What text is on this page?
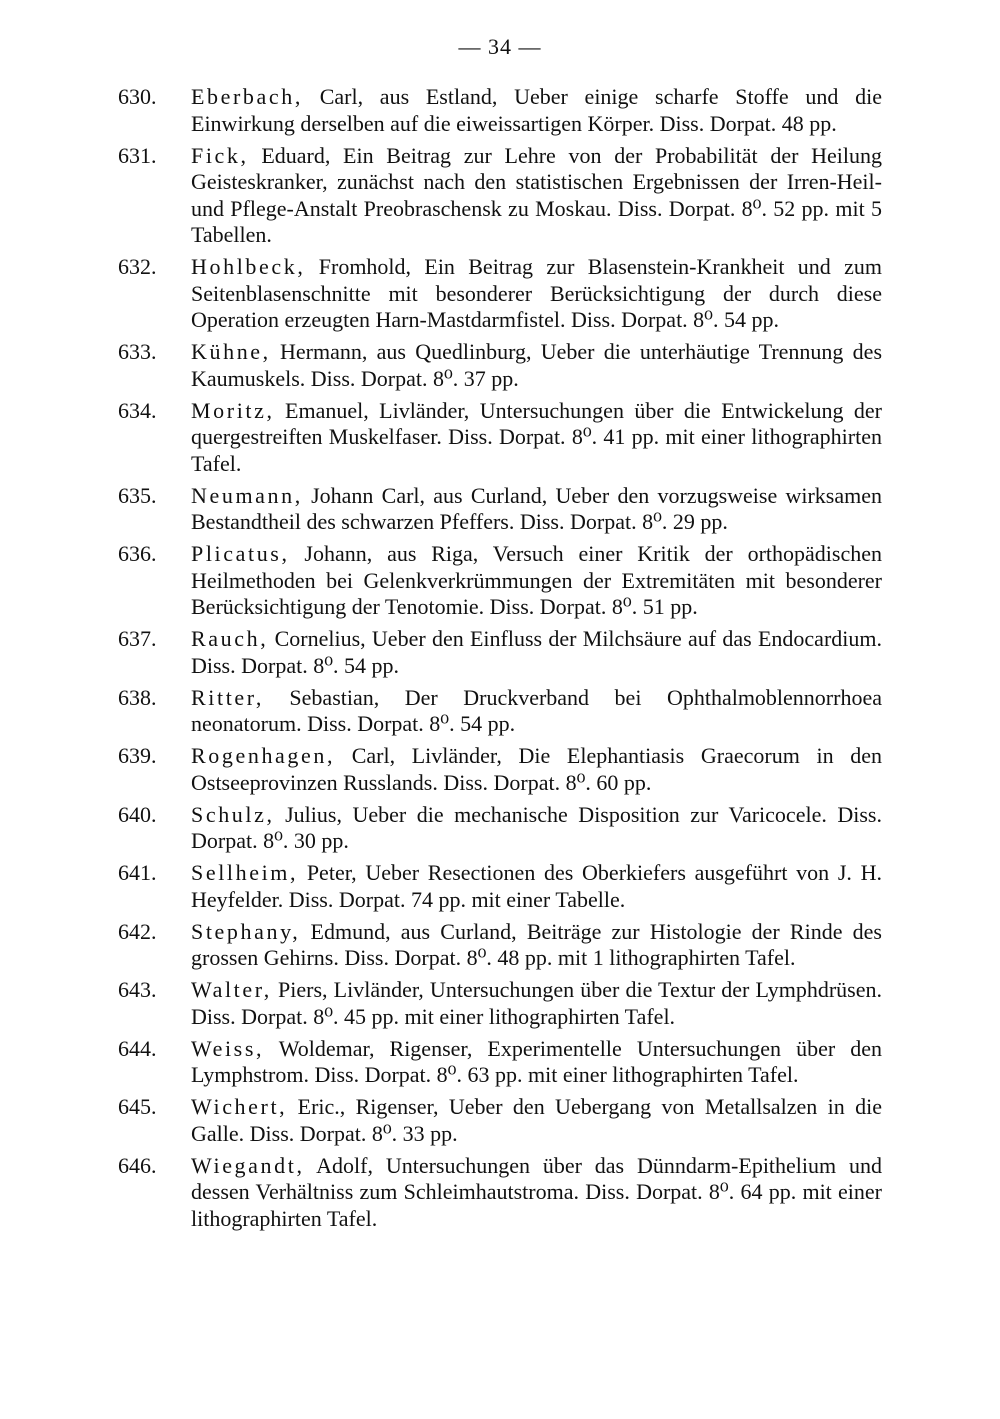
— 34 —
630. Eberbach, Carl, aus Estland, Ueber einige scharfe Stoffe und die Einwirkung derselben auf die eiweissartigen Körper. Diss. Dorpat. 48 pp.
631. Fick, Eduard, Ein Beitrag zur Lehre von der Probabilität der Heilung Geisteskranker, zunächst nach den statistischen Ergebnissen der Irren-Heil- und Pflege-Anstalt Preobraschensk zu Moskau. Diss. Dorpat. 8⁰. 52 pp. mit 5 Tabellen.
632. Hohlbeck, Fromhold, Ein Beitrag zur Blasenstein-Krankheit und zum Seitenblasenschnitte mit besonderer Berücksichtigung der durch diese Operation erzeugten Harn-Mastdarmfistel. Diss. Dorpat. 8⁰. 54 pp.
633. Kühne, Hermann, aus Quedlinburg, Ueber die unterhäutige Trennung des Kaumuskels. Diss. Dorpat. 8⁰. 37 pp.
634. Moritz, Emanuel, Livländer, Untersuchungen über die Entwickelung der quergestreiften Muskelfaser. Diss. Dorpat. 8⁰. 41 pp. mit einer lithographirten Tafel.
635. Neumann, Johann Carl, aus Curland, Ueber den vorzugsweise wirksamen Bestandtheil des schwarzen Pfeffers. Diss. Dorpat. 8⁰. 29 pp.
636. Plicatus, Johann, aus Riga, Versuch einer Kritik der orthopädischen Heilmethoden bei Gelenkverkrümmungen der Extremitäten mit besonderer Berücksichtigung der Tenotomie. Diss. Dorpat. 8⁰. 51 pp.
637. Rauch, Cornelius, Ueber den Einfluss der Milchsäure auf das Endocardium. Diss. Dorpat. 8⁰. 54 pp.
638. Ritter, Sebastian, Der Druckverband bei Ophthalmoblennorrhoea neonatorum. Diss. Dorpat. 8⁰. 54 pp.
639. Rogenhagen, Carl, Livländer, Die Elephantiasis Graecorum in den Ostseeprovinzen Russlands. Diss. Dorpat. 8⁰. 60 pp.
640. Schulz, Julius, Ueber die mechanische Disposition zur Varicocele. Diss. Dorpat. 8⁰. 30 pp.
641. Sellheim, Peter, Ueber Resectionen des Oberkiefers ausgeführt von J. H. Heyfelder. Diss. Dorpat. 74 pp. mit einer Tabelle.
642. Stephany, Edmund, aus Curland, Beiträge zur Histologie der Rinde des grossen Gehirns. Diss. Dorpat. 8⁰. 48 pp. mit 1 lithographirten Tafel.
643. Walter, Piers, Livländer, Untersuchungen über die Textur der Lymphdrüsen. Diss. Dorpat. 8⁰. 45 pp. mit einer lithographirten Tafel.
644. Weiss, Woldemar, Rigenser, Experimentelle Untersuchungen über den Lymphstrom. Diss. Dorpat. 8⁰. 63 pp. mit einer lithographirten Tafel.
645. Wichert, Eric., Rigenser, Ueber den Uebergang von Metallsalzen in die Galle. Diss. Dorpat. 8⁰. 33 pp.
646. Wiegandt, Adolf, Untersuchungen über das Dünndarm-Epithelium und dessen Verhältniss zum Schleimhautstroma. Diss. Dorpat. 8⁰. 64 pp. mit einer lithographirten Tafel.
